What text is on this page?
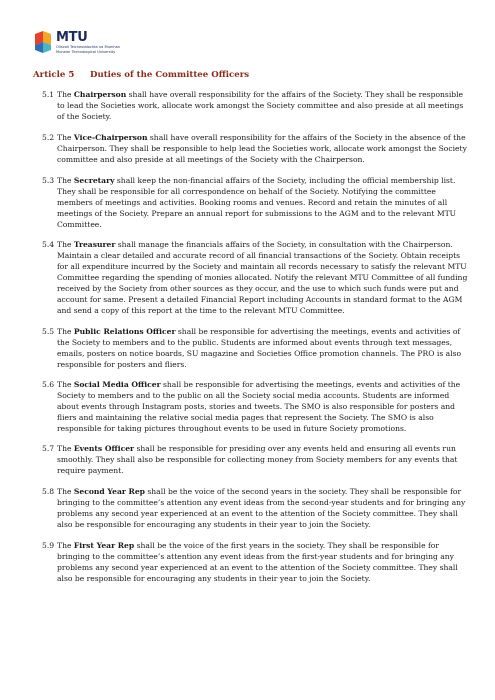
MTU
Ollscoil Teicneolaíochta na Mumhan
Munster Technological University
Article 5	Duties of the Committee Officers
5.1 The Chairperson shall have overall responsibility for the affairs of the Society. They shall be responsible to lead the Societies work, allocate work amongst the Society committee and also preside at all meetings of the Society.
5.2 The Vice-Chairperson shall have overall responsibility for the affairs of the Society in the absence of the Chairperson. They shall be responsible to help lead the Societies work, allocate work amongst the Society committee and also preside at all meetings of the Society with the Chairperson.
5.3 The Secretary shall keep the non-financial affairs of the Society, including the official membership list. They shall be responsible for all correspondence on behalf of the Society. Notifying the committee members of meetings and activities. Booking rooms and venues. Record and retain the minutes of all meetings of the Society. Prepare an annual report for submissions to the AGM and to the relevant MTU Committee.
5.4 The Treasurer shall manage the financials affairs of the Society, in consultation with the Chairperson. Maintain a clear detailed and accurate record of all financial transactions of the Society. Obtain receipts for all expenditure incurred by the Society and maintain all records necessary to satisfy the relevant MTU Committee regarding the spending of monies allocated. Notify the relevant MTU Committee of all funding received by the Society from other sources as they occur, and the use to which such funds were put and account for same. Present a detailed Financial Report including Accounts in standard format to the AGM and send a copy of this report at the time to the relevant MTU Committee.
5.5 The Public Relations Officer shall be responsible for advertising the meetings, events and activities of the Society to members and to the public. Students are informed about events through text messages, emails, posters on notice boards, SU magazine and Societies Office promotion channels. The PRO is also responsible for posters and fliers.
5.6 The Social Media Officer shall be responsible for advertising the meetings, events and activities of the Society to members and to the public on all the Society social media accounts. Students are informed about events through Instagram posts, stories and tweets. The SMO is also responsible for posters and fliers and maintaining the relative social media pages that represent the Society. The SMO is also responsible for taking pictures throughout events to be used in future Society promotions.
5.7 The Events Officer shall be responsible for presiding over any events held and ensuring all events run smoothly. They shall also be responsible for collecting money from Society members for any events that require payment.
5.8 The Second Year Rep shall be the voice of the second years in the society. They shall be responsible for bringing to the committee’s attention any event ideas from the second-year students and for bringing any problems any second year experienced at an event to the attention of the Society committee. They shall also be responsible for encouraging any students in their year to join the Society.
5.9 The First Year Rep shall be the voice of the first years in the society. They shall be responsible for bringing to the committee’s attention any event ideas from the first-year students and for bringing any problems any second year experienced at an event to the attention of the Society committee. They shall also be responsible for encouraging any students in their year to join the Society.
